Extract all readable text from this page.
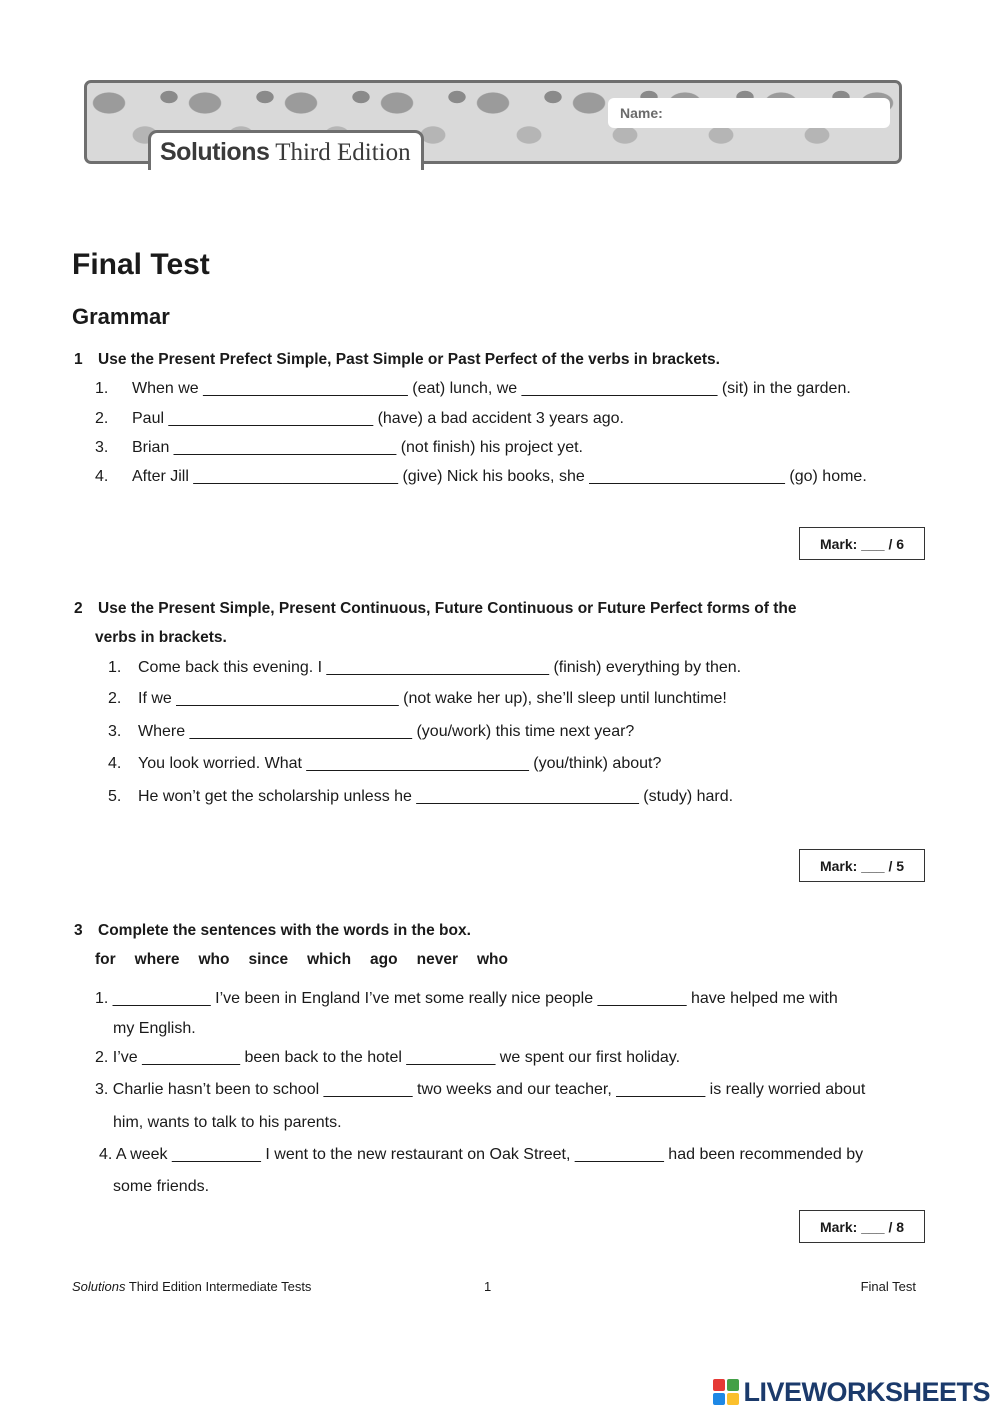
Name:
Solutions Third Edition
Final Test
Grammar
1 Use the Present Prefect Simple, Past Simple or Past Perfect of the verbs in brackets.
1. When we _______________________ (eat) lunch, we ______________________ (sit) in the garden.
2. Paul _______________________ (have) a bad accident 3 years ago.
3. Brian _________________________ (not finish) his project yet.
4. After Jill _______________________ (give) Nick his books, she ______________________ (go) home.
Mark: ___ / 6
2 Use the Present Simple, Present Continuous, Future Continuous or Future Perfect forms of the
verbs in brackets.
1. Come back this evening. I _________________________ (finish) everything by then.
2. If we _________________________ (not wake her up), she’ll sleep until lunchtime!
3. Where _________________________ (you/work) this time next year?
4. You look worried. What _________________________ (you/think) about?
5. He won’t get the scholarship unless he _________________________ (study) hard.
Mark: ___ / 5
3 Complete the sentences with the words in the box.
for where who since which ago never who
1. ___________ I’ve been in England I’ve met some really nice people __________ have helped me with
my English.
2. I’ve ___________ been back to the hotel __________ we spent our first holiday.
3. Charlie hasn’t been to school __________ two weeks and our teacher, __________ is really worried about
him, wants to talk to his parents.
4. A week __________ I went to the new restaurant on Oak Street, __________ had been recommended by
some friends.
Mark: ___ / 8
Solutions Third Edition Intermediate Tests	1	Final Test
LIVEWORKSHEETS
